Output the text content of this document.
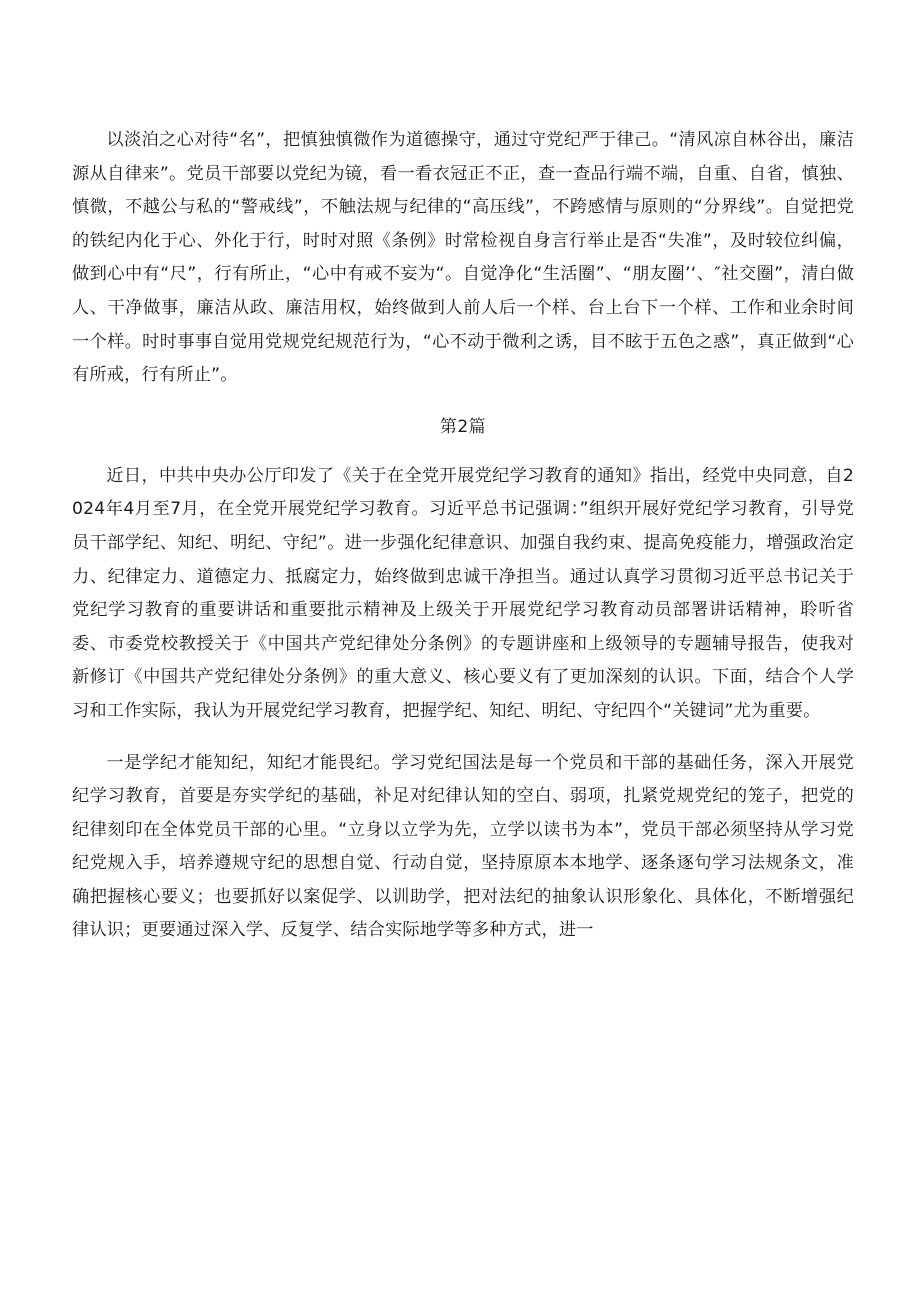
以淡泊之心对待“名”，把慎独慎微作为道德操守，通过守党纪严于律己。“清风凉自林谷出，廉洁源从自律来”。党员干部要以党纪为镜，看一看衣冠正不正，查一查品行端不端，自重、自省，慎独、慎微，不越公与私的“警戒线”，不触法规与纪律的“高压线”，不跨感情与原则的“分界线”。自觉把党的铁纪内化于心、外化于行，时时对照《条例》时常检视自身言行举止是否“失准”，及时较位纠偏，做到心中有“尺”，行有所止，“心中有戒不妄为“。自觉净化“生活圈”、“朋友圈’‘、″社交圈”，清白做人、干净做事，廉洁从政、廉洁用权，始终做到人前人后一个样、台上台下一个样、工作和业余时间一个样。时时事事自觉用党规党纪规范行为，“心不动于微利之诱，目不眩于五色之惑”，真正做到“心有所戒，行有所止”。

第2篇

近日，中共中央办公厅印发了《关于在全党开展党纪学习教育的通知》指出，经党中央同意，自2024年4月至7月，在全党开展党纪学习教育。习近平总书记强调：”组织开展好党纪学习教育，引导党员干部学纪、知纪、明纪、守纪”。进一步强化纪律意识、加强自我约束、提高免疫能力，增强政治定力、纪律定力、道德定力、抵腐定力，始终做到忠诚干净担当。通过认真学习贯彻习近平总书记关于党纪学习教育的重要讲话和重要批示精神及上级关于开展党纪学习教育动员部署讲话精神，聆听省委、市委党校教授关于《中国共产党纪律处分条例》的专题讲座和上级领导的专题辅导报告，使我对新修订《中国共产党纪律处分条例》的重大意义、核心要义有了更加深刻的认识。下面，结合个人学习和工作实际，我认为开展党纪学习教育，把握学纪、知纪、明纪、守纪四个“关键词”尤为重要。

一是学纪才能知纪，知纪才能畏纪。学习党纪国法是每一个党员和干部的基础任务，深入开展党纪学习教育，首要是夯实学纪的基础，补足对纪律认知的空白、弱项，扎紧党规党纪的笼子，把党的纪律刻印在全体党员干部的心里。“立身以立学为先，立学以读书为本”，党员干部必须坚持从学习党纪党规入手，培养遵规守纪的思想自觉、行动自觉，坚持原原本本地学、逐条逐句学习法规条文，准确把握核心要义；也要抓好以案促学、以训助学，把对法纪的抽象认识形象化、具体化，不断增强纪律认识；更要通过深入学、反复学、结合实际地学等多种方式，进一
